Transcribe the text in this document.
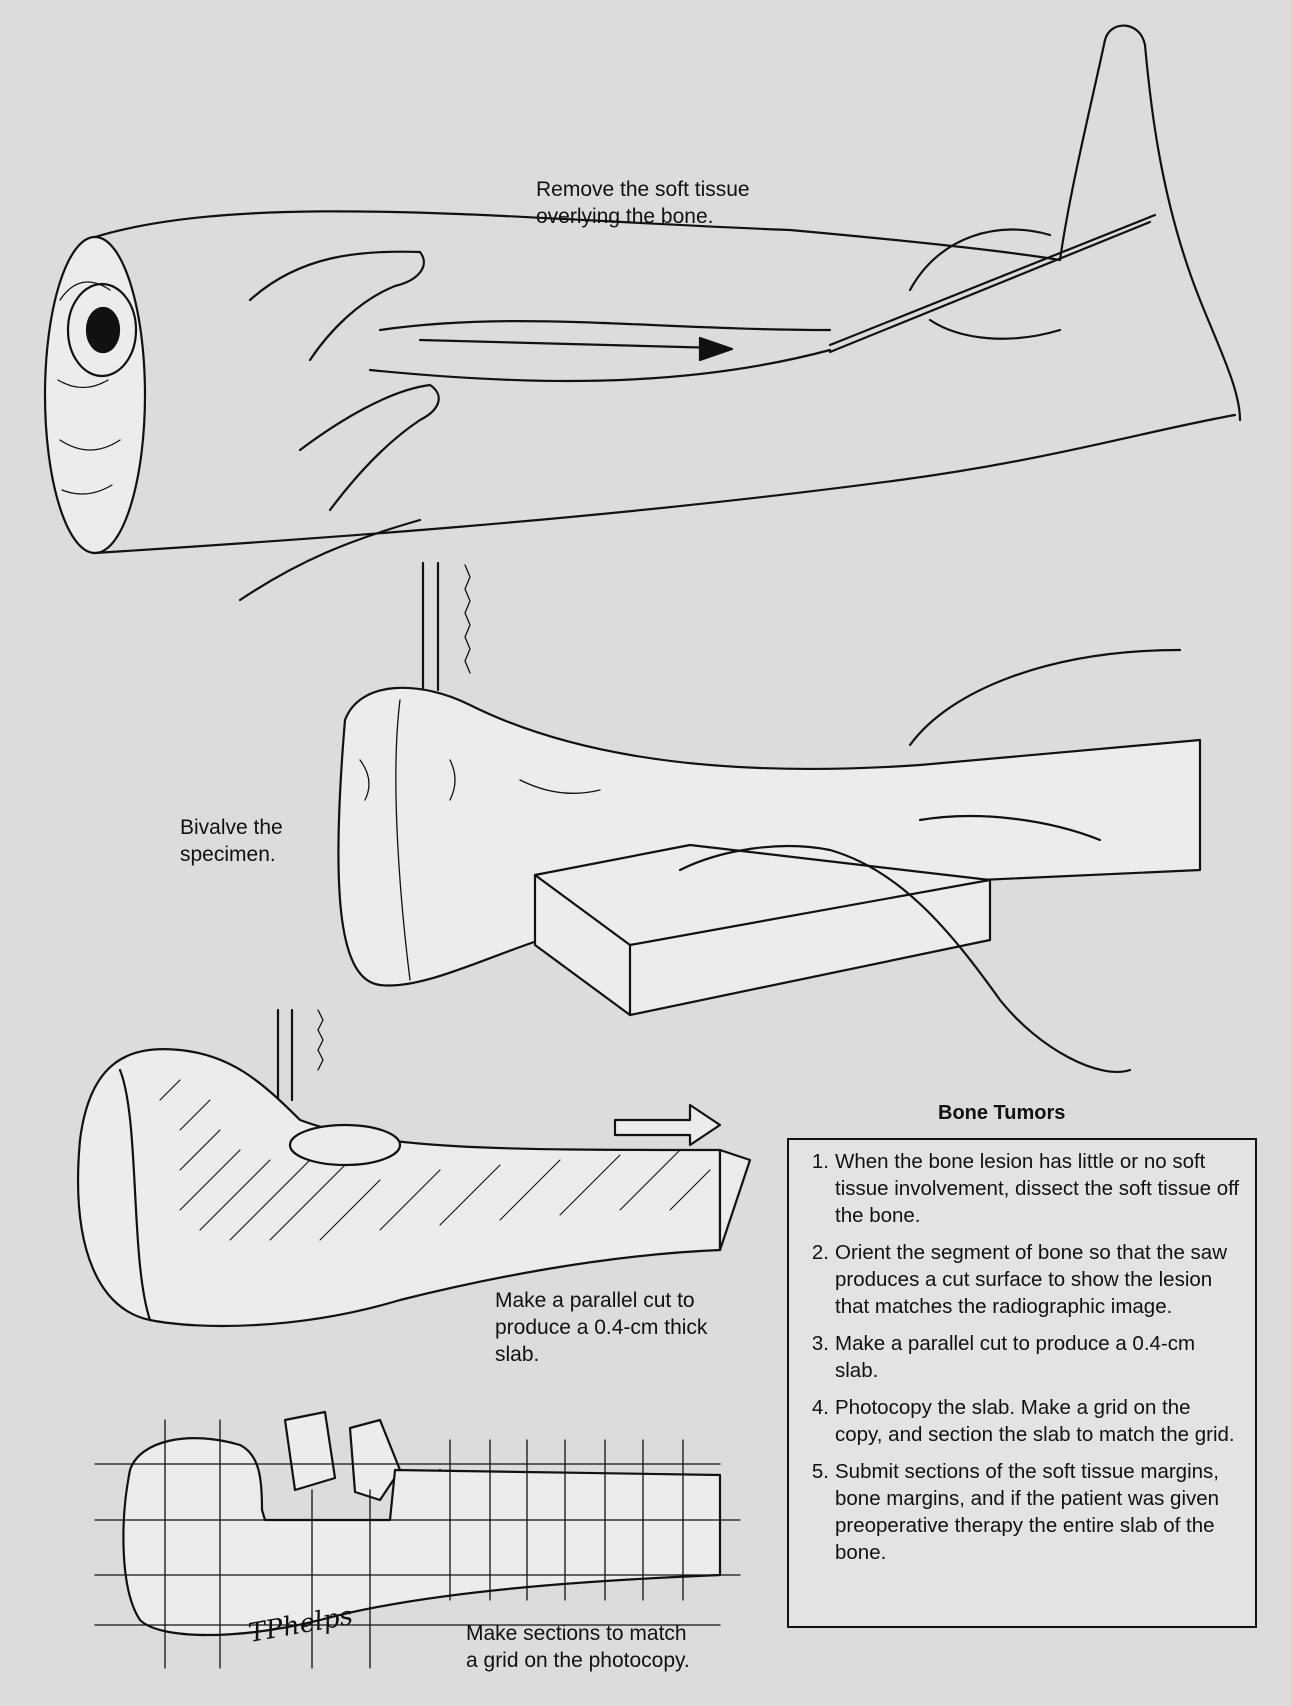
Remove the soft tissue
overlying the bone.
Bivalve the
specimen.
Make a parallel cut to
produce a 0.4-cm thick
slab.
Make sections to match
a grid on the photocopy.
TPhelps
Bone Tumors
1. When the bone lesion has little or no soft tissue involvement, dissect the soft tissue off the bone.
2. Orient the segment of bone so that the saw produces a cut surface to show the lesion that matches the radiographic image.
3. Make a parallel cut to produce a 0.4-cm slab.
4. Photocopy the slab. Make a grid on the copy, and section the slab to match the grid.
5. Submit sections of the soft tissue margins, bone margins, and if the patient was given preoperative therapy the entire slab of the bone.
